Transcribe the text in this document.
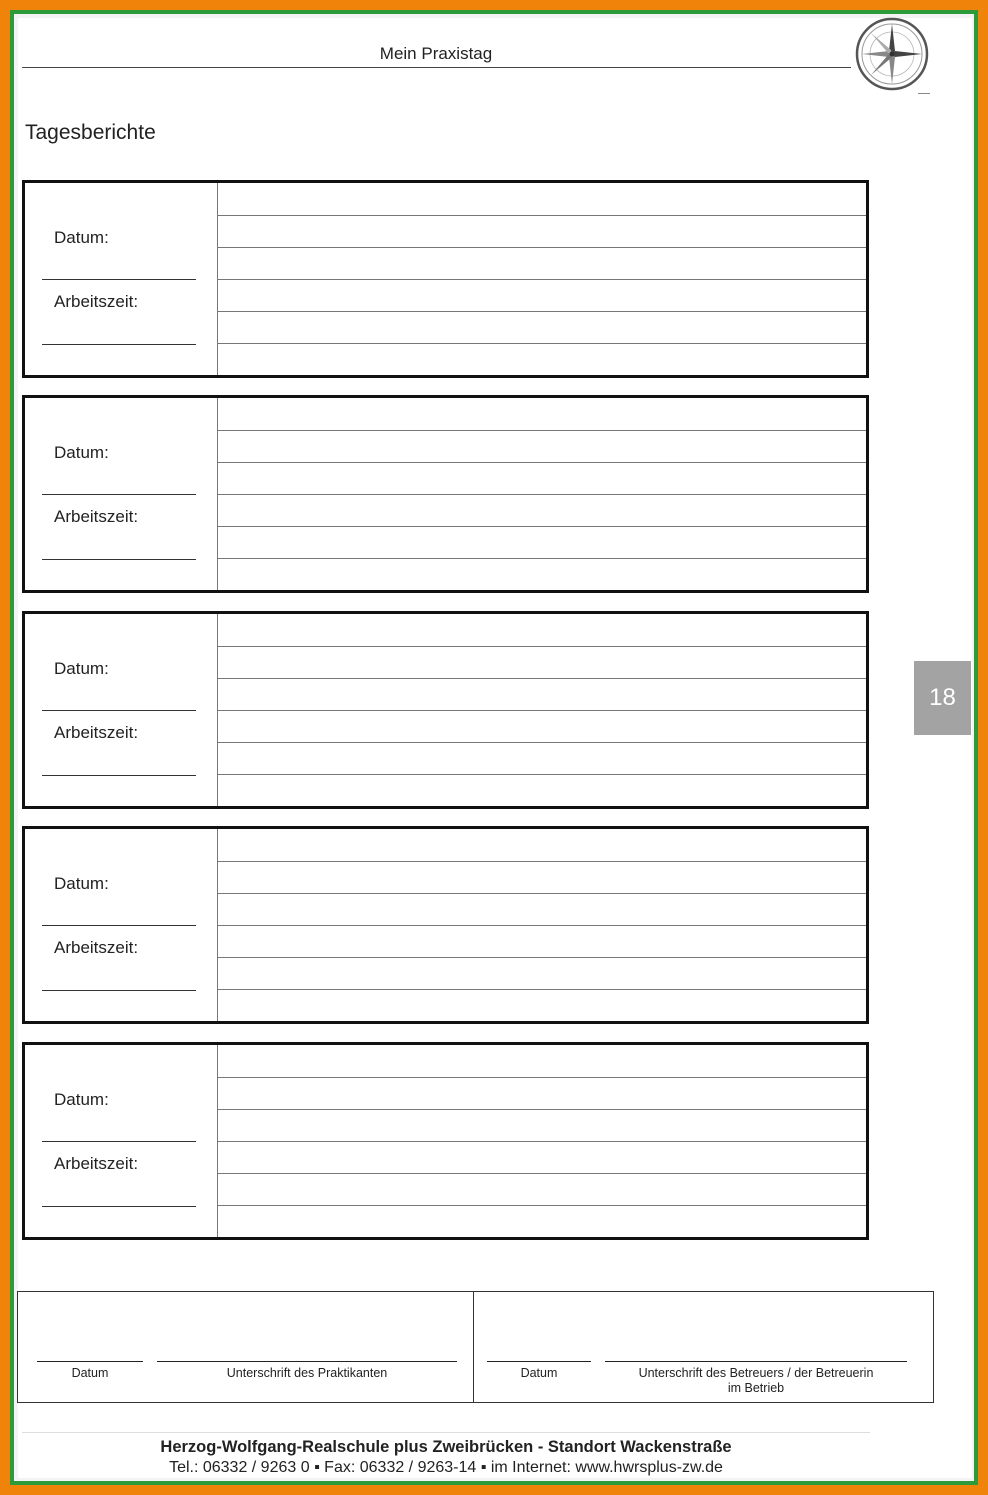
Mein Praxistag
Tagesberichte
Datum:
Arbeitszeit:
Datum:
Arbeitszeit:
Datum:
Arbeitszeit:
Datum:
Arbeitszeit:
Datum:
Arbeitszeit:
18
Datum	Unterschrift des Praktikanten	Datum	Unterschrift des Betreuers / der Betreuerin
im Betrieb
Herzog-Wolfgang-Realschule plus Zweibrücken - Standort Wackenstraße
Tel.: 06332 / 9263 0 ▪ Fax: 06332 / 9263-14 ▪ im Internet: www.hwrsplus-zw.de
